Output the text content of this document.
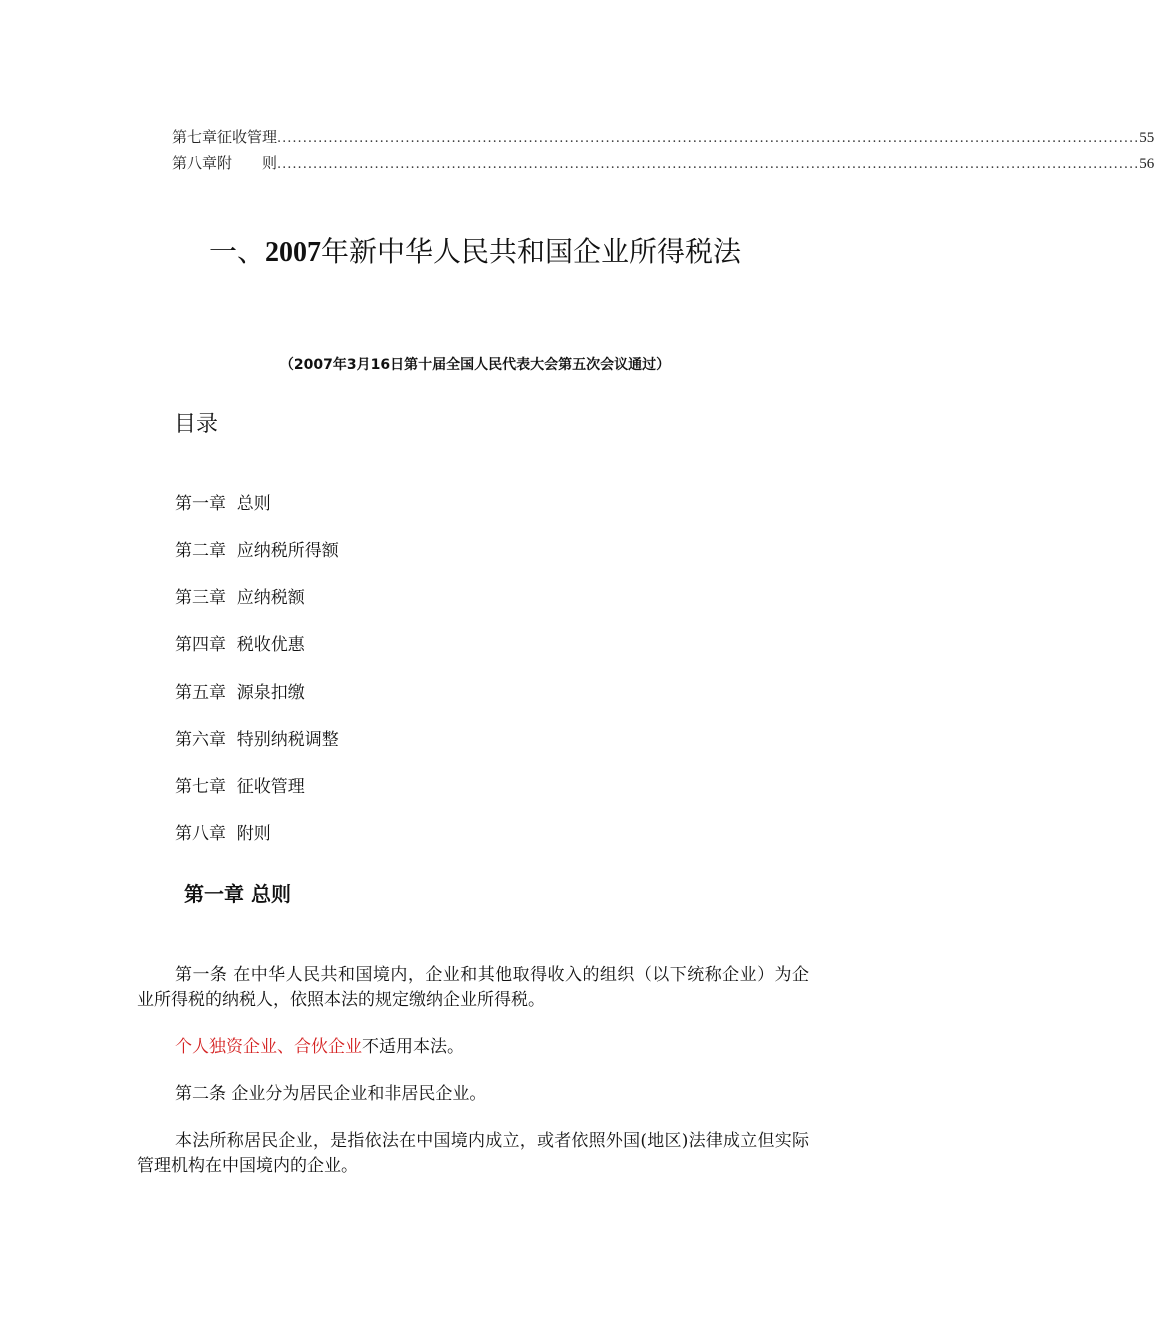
第七章 征收管理 ........................................................................................................................................................................ 55
第八章 附　　则 ........................................................................................................................................................................ 56
一、2007年新中华人民共和国企业所得税法
（2007年3月16日第十届全国人民代表大会第五次会议通过）
目录
第一章  总则
第二章  应纳税所得额
第三章  应纳税额
第四章  税收优惠
第五章  源泉扣缴
第六章  特别纳税调整
第七章  征收管理
第八章  附则
第一章 总则
第一条 在中华人民共和国境内，企业和其他取得收入的组织（以下统称企业）为企业所得税的纳税人，依照本法的规定缴纳企业所得税。
个人独资企业、合伙企业不适用本法。
第二条 企业分为居民企业和非居民企业。
本法所称居民企业，是指依法在中国境内成立，或者依照外国(地区)法律成立但实际管理机构在中国境内的企业。
